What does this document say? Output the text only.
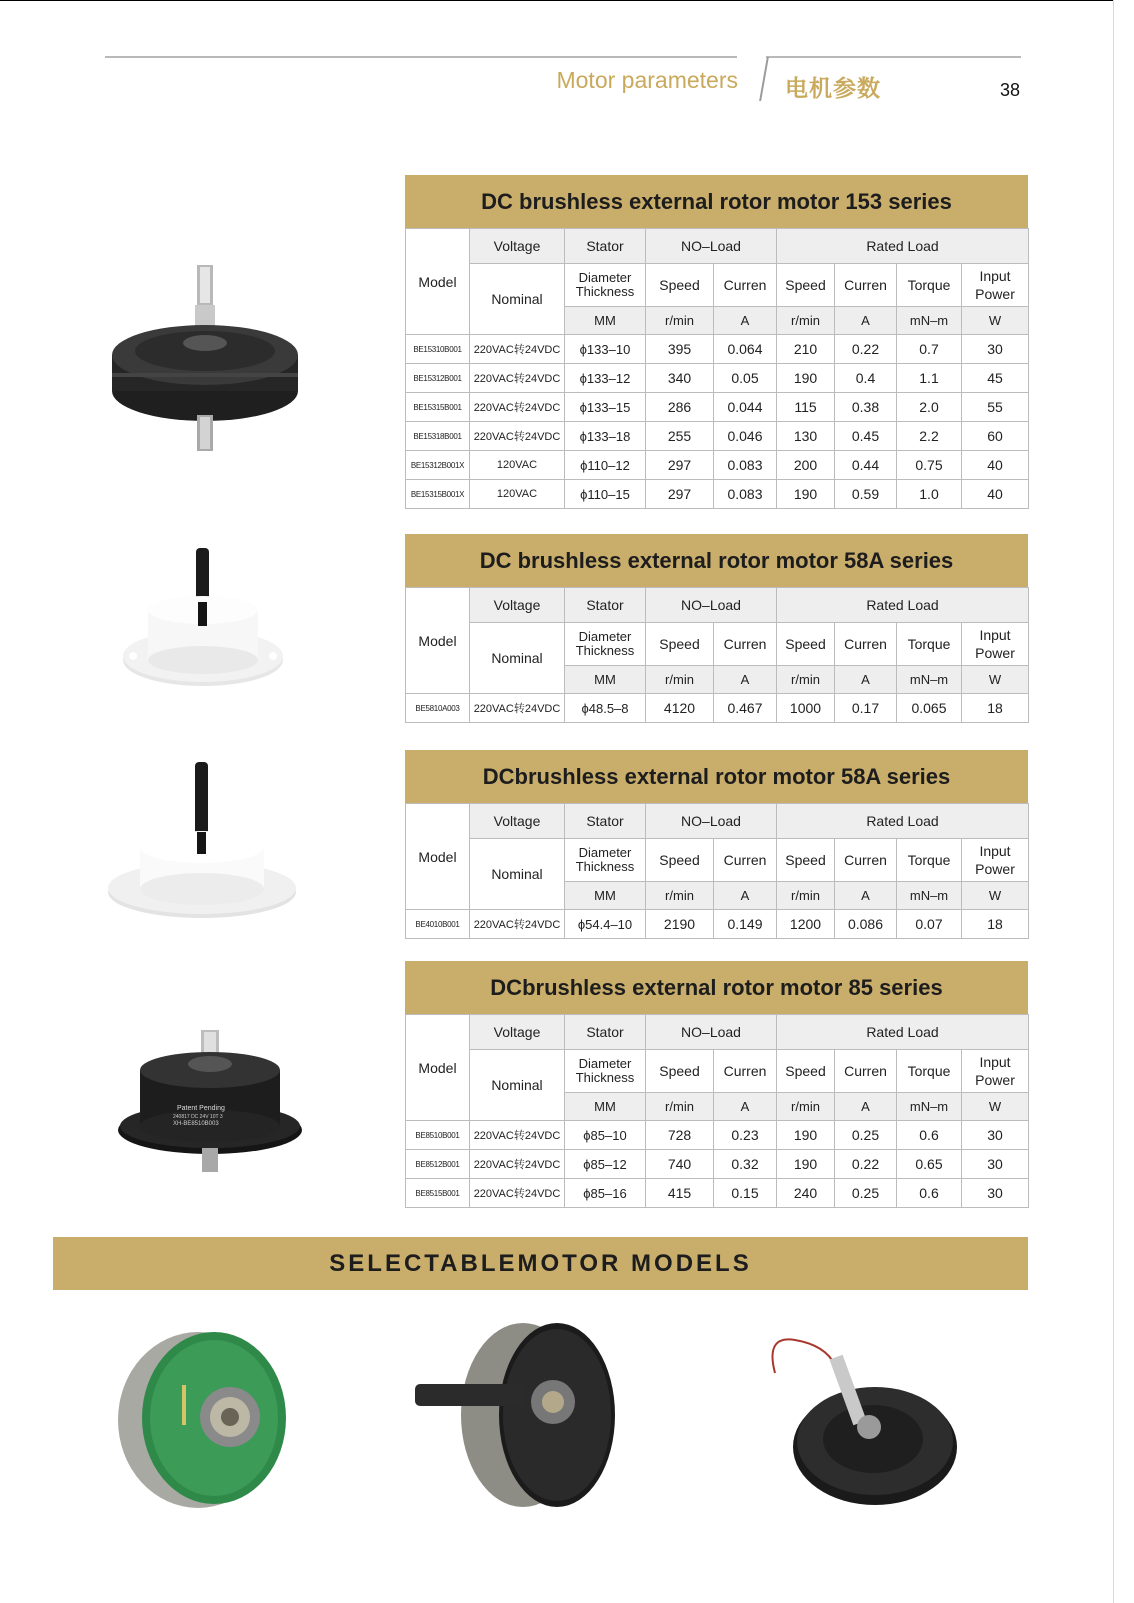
Motor parameters 电机参数	38
DC brushless external rotor motor 153 series
Model	Voltage	Stator	NO–Load		Rated Load			
	Nominal	Diameter
Thickness	Speed	Curren	Speed	Curren	Torque	Input
Power
		MM	r/min	A	r/min	A	mN–m	W
BE15310B001	220VAC转24VDC	ϕ133–10	395	0.064	210	0.22	0.7	30
BE15312B001	220VAC转24VDC	ϕ133–12	340	0.05	190	0.4	1.1	45
BE15315B001	220VAC转24VDC	ϕ133–15	286	0.044	115	0.38	2.0	55
BE15318B001	220VAC转24VDC	ϕ133–18	255	0.046	130	0.45	2.2	60
BE15312B001X	120VAC	ϕ110–12	297	0.083	200	0.44	0.75	40
BE15315B001X	120VAC	ϕ110–15	297	0.083	190	0.59	1.0	40
DC brushless external rotor motor 58A series
Model	Voltage	Stator	NO–Load		Rated Load			
	Nominal	Diameter
Thickness	Speed	Curren	Speed	Curren	Torque	Input
Power
		MM	r/min	A	r/min	A	mN–m	W
BE5810A003	220VAC转24VDC	ϕ48.5–8	4120	0.467	1000	0.17	0.065	18
DCbrushless external rotor motor 58A series
Model	Voltage	Stator	NO–Load		Rated Load			
	Nominal	Diameter
Thickness	Speed	Curren	Speed	Curren	Torque	Input
Power
		MM	r/min	A	r/min	A	mN–m	W
BE4010B001	220VAC转24VDC	ϕ54.4–10	2190	0.149	1200	0.086	0.07	18
DCbrushless external rotor motor 85 series
Model	Voltage	Stator	NO–Load		Rated Load			
	Nominal	Diameter
Thickness	Speed	Curren	Speed	Curren	Torque	Input
Power
		MM	r/min	A	r/min	A	mN–m	W
BE8510B001	220VAC转24VDC	ϕ85–10	728	0.23	190	0.25	0.6	30
BE8512B001	220VAC转24VDC	ϕ85–12	740	0.32	190	0.22	0.65	30
BE8515B001	220VAC转24VDC	ϕ85–16	415	0.15	240	0.25	0.6	30
Patent Pending
240817 DC 24V 10T 3
XH-BE8510B003
SELECTABLEMOTOR MODELS
